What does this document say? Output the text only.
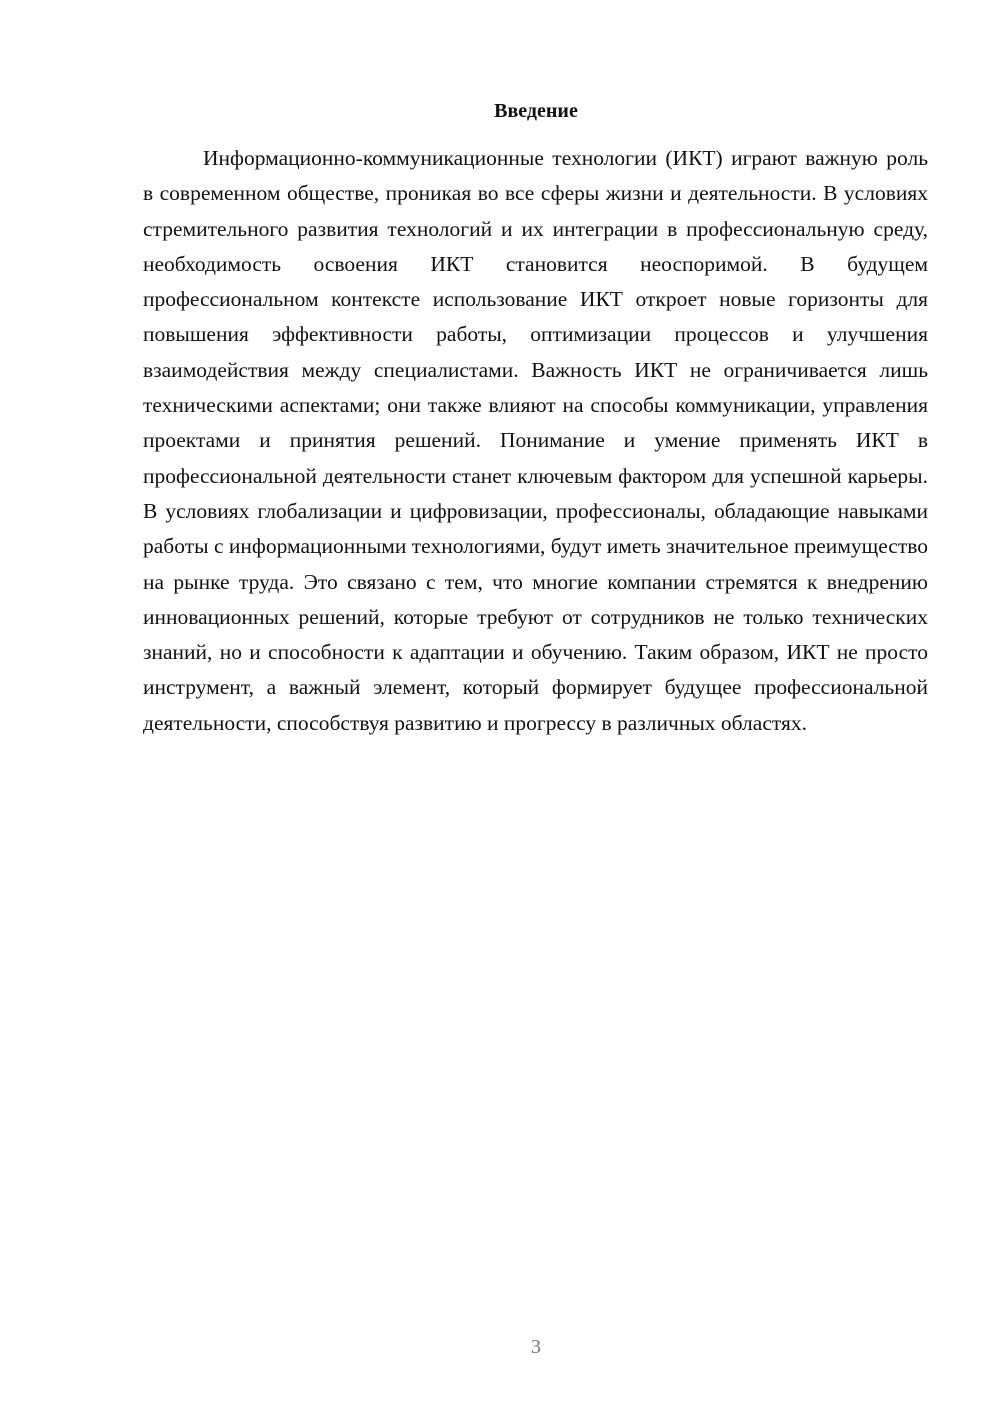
Введение

Информационно-коммуникационные технологии (ИКТ) играют важную роль в современном обществе, проникая во все сферы жизни и деятельности. В условиях стремительного развития технологий и их интеграции в профессиональную среду, необходимость освоения ИКТ становится неоспоримой. В будущем профессиональном контексте использование ИКТ откроет новые горизонты для повышения эффективности работы, оптимизации процессов и улучшения взаимодействия между специалистами. Важность ИКТ не ограничивается лишь техническими аспектами; они также влияют на способы коммуникации, управления проектами и принятия решений. Понимание и умение применять ИКТ в профессиональной деятельности станет ключевым фактором для успешной карьеры. В условиях глобализации и цифровизации, профессионалы, обладающие навыками работы с информационными технологиями, будут иметь значительное преимущество на рынке труда. Это связано с тем, что многие компании стремятся к внедрению инновационных решений, которые требуют от сотрудников не только технических знаний, но и способности к адаптации и обучению. Таким образом, ИКТ не просто инструмент, а важный элемент, который формирует будущее профессиональной деятельности, способствуя развитию и прогрессу в различных областях.

3
